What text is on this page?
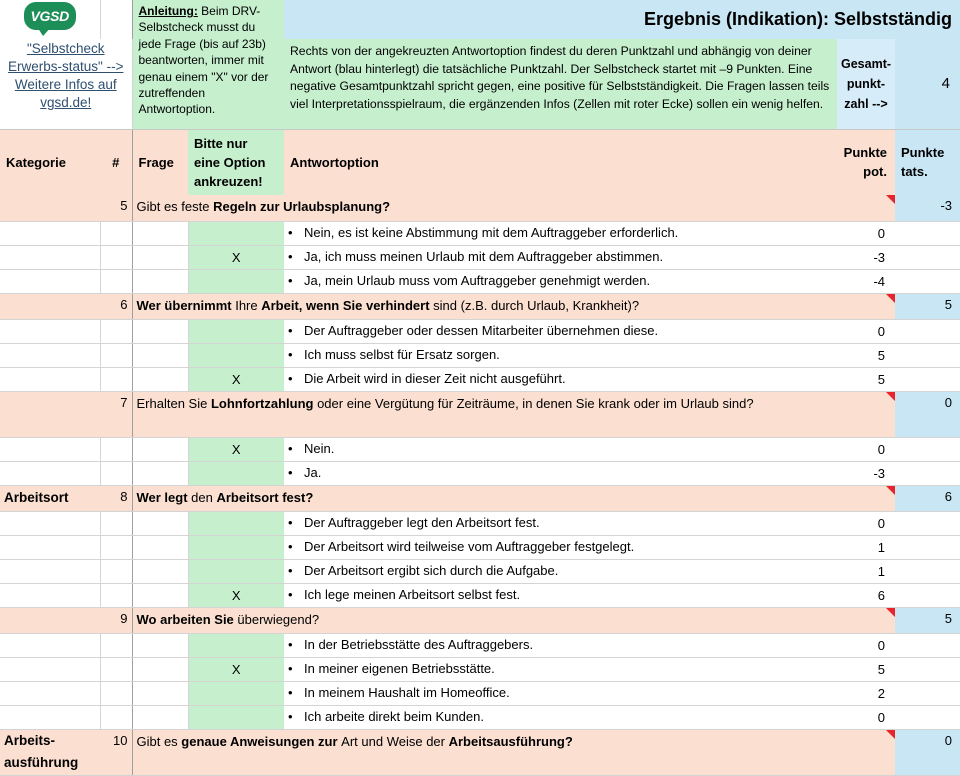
VGSD		Anleitung: Beim DRV-Selbstcheck musst du jede Frage (bis auf 23b) beantworten, immer mit genau einem "X" vor der zutreffenden Antwortoption.		Ergebnis (Indikation): Selbstständig		
"Selbstcheck
Erwerbs-status" -->
Weitere Infos auf
vgsd.de!	Rechts von der angekreuzten Antwortoption findest du deren Punktzahl und abhängig von deiner Antwort (blau hinterlegt) die tatsächliche Punktzahl. Der Selbstcheck startet mit –9 Punkten. Eine negative Gesamtpunktzahl spricht gegen, eine positive für Selbstständigkeit. Die Fragen lassen teils viel Interpretationsspielraum, die ergänzenden Infos (Zellen mit roter Ecke) sollen ein wenig helfen.	Gesamt-
punkt-
zahl -->	4
Kategorie	#	Frage	Bitte nur
eine Option
ankreuzen!	Antwortoption	Punkte
pot.	Punkte
tats.
	5	Gibt es feste Regeln zur Urlaubsplanung?				-3
				• Nein, es ist keine Abstimmung mit dem Auftraggeber erforderlich.	0	
			X	• Ja, ich muss meinen Urlaub mit dem Auftraggeber abstimmen.	-3	
				• Ja, mein Urlaub muss vom Auftraggeber genehmigt werden.	-4	
	6	Wer übernimmt Ihre Arbeit, wenn Sie verhindert sind (z.B. durch Urlaub, Krankheit)?				5
				• Der Auftraggeber oder dessen Mitarbeiter übernehmen diese.	0	
				• Ich muss selbst für Ersatz sorgen.	5	
			X	• Die Arbeit wird in dieser Zeit nicht ausgeführt.	5	
	7	Erhalten Sie Lohnfortzahlung oder eine Vergütung für Zeiträume, in denen Sie krank oder im Urlaub sind?				0
			X	• Nein.	0	
				• Ja.	-3	
Arbeitsort	8	Wer legt den Arbeitsort fest?				6
				• Der Auftraggeber legt den Arbeitsort fest.	0	
				• Der Arbeitsort wird teilweise vom Auftraggeber festgelegt.	1	
				• Der Arbeitsort ergibt sich durch die Aufgabe.	1	
			X	• Ich lege meinen Arbeitsort selbst fest.	6	
	9	Wo arbeiten Sie überwiegend?				5
				• In der Betriebsstätte des Auftraggebers.	0	
			X	• In meiner eigenen Betriebsstätte.	5	
				• In meinem Haushalt im Homeoffice.	2	
				• Ich arbeite direkt beim Kunden.	0	
Arbeits-
ausführung	10	Gibt es genaue Anweisungen zur Art und Weise der Arbeitsausführung?				0
